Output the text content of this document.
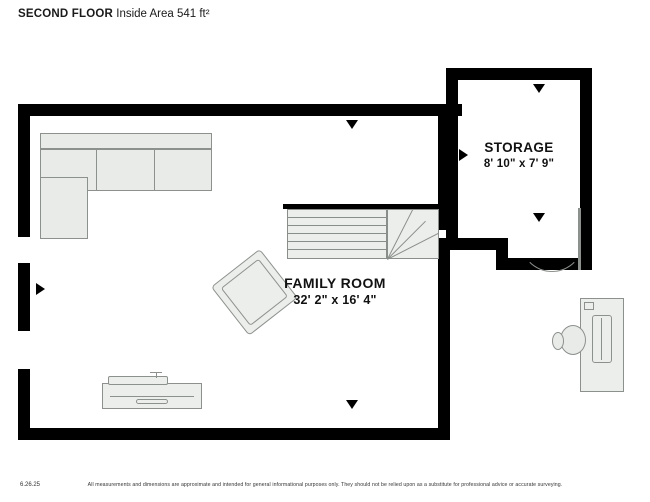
SECOND FLOOR Inside Area 541 ft²
FAMILY ROOM
32' 2" x 16' 4"
STORAGE
8' 10" x 7' 9"
6.26.25	All measurements and dimensions are approximate and intended for general informational purposes only. They should not be relied upon as a substitute for professional advice or accurate surveying.
